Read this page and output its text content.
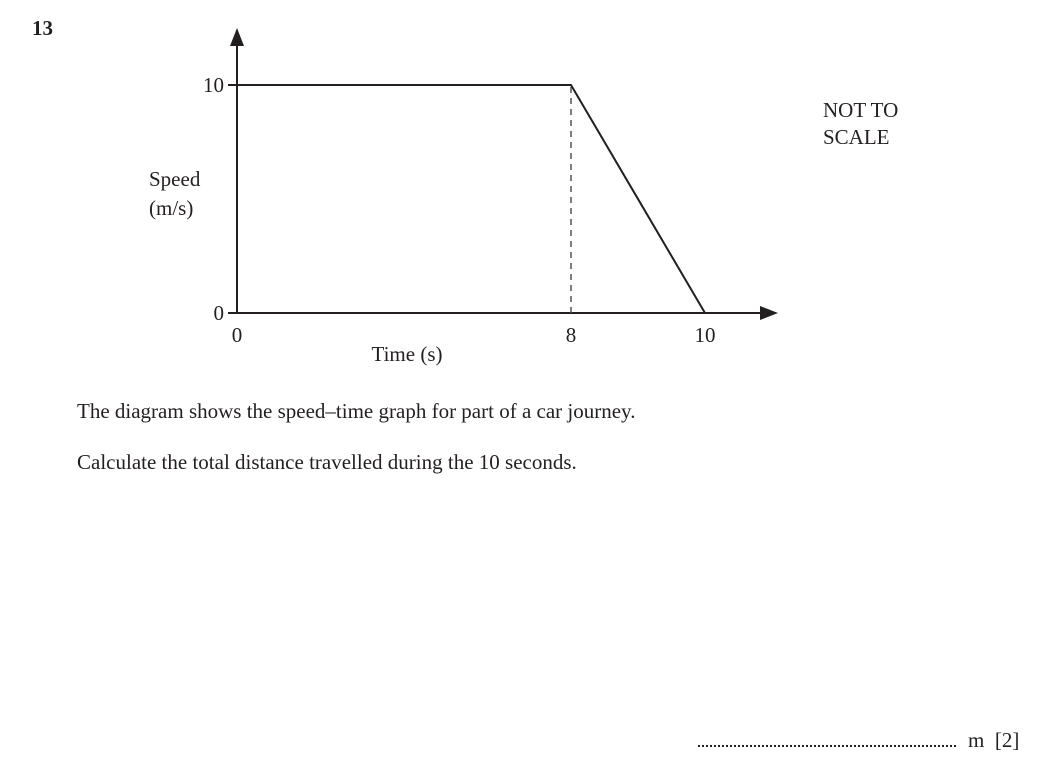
13
10
0
0	8	10
Speed
(m/s)
Time (s)
NOT TO
SCALE
The diagram shows the speed–time graph for part of a car journey.
Calculate the total distance travelled during the 10 seconds.
m [2]
